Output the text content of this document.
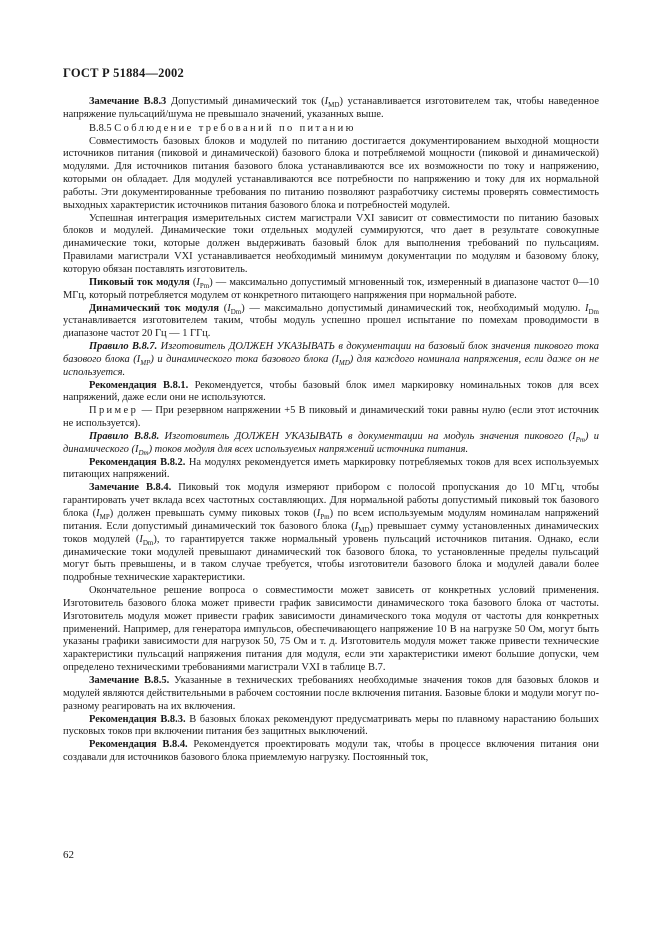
ГОСТ Р 51884—2002

Замечание В.8.3 Допустимый динамический ток $(I_{MD})$ устанавливается изготовителем так, чтобы наведенное напряжение пульсаций/шума не превышало значений, указанных выше.

В.8.5 Соблюдение требований по питанию

Совместимость базовых блоков и модулей по питанию достигается документированием выходной мощности источников питания (пиковой и динамической) базового блока и потребляемой мощности (пиковой и динамической) модулями. Для источников питания базового блока устанавливаются все их возможности по току и напряжению, которыми он обладает. Для модулей устанавливаются все потребности по напряжению и току для их нормальной работы. Эти документированные требования по питанию позволяют разработчику системы проверять совместимость выходных характеристик источников питания базового блока и потребностей модулей.

Успешная интеграция измерительных систем магистрали VXI зависит от совместимости по питанию базовых блоков и модулей. Динамические токи отдельных модулей суммируются, что дает в результате совокупные динамические токи, которые должен выдерживать базовый блок для выполнения требований по пульсациям. Правилами магистрали VXI устанавливается необходимый минимум документации по модулям и базовому блоку, которую обязан поставлять изготовитель.

Пиковый ток модуля $(I_{Pm})$ — максимально допустимый мгновенный ток, измеренный в диапазоне частот 0—10 МГц, который потребляется модулем от конкретного питающего напряжения при нормальной работе.

Динамический ток модуля $(I_{Dm})$ — максимально допустимый динамический ток, необходимый модулю. $I_{Dm}$ устанавливается изготовителем таким, чтобы модуль успешно прошел испытание по помехам проводимости в диапазоне частот 20 Гц — 1 ГГц.

Правило В.8.7. Изготовитель ДОЛЖЕН УКАЗЫВАТЬ в документации на базовый блок значения пикового тока базового блока $(I_{MP})$ и динамического тока базового блока $(I_{MD})$ для каждого номинала напряжения, если даже он не используется.

Рекомендация В.8.1. Рекомендуется, чтобы базовый блок имел маркировку номинальных токов для всех напряжений, даже если они не используются.

Пример — При резервном напряжении +5 В пиковый и динамический токи равны нулю (если этот источник не используется).

Правило В.8.8. Изготовитель ДОЛЖЕН УКАЗЫВАТЬ в документации на модуль значения пикового $(I_{Pm})$ и динамического $(I_{Dm})$ токов модуля для всех используемых напряжений источника питания.

Рекомендация В.8.2. На модулях рекомендуется иметь маркировку потребляемых токов для всех используемых питающих напряжений.

Замечание В.8.4. Пиковый ток модуля измеряют прибором с полосой пропускания до 10 МГц, чтобы гарантировать учет вклада всех частотных составляющих. Для нормальной работы допустимый пиковый ток базового блока $(I_{MP})$ должен превышать сумму пиковых токов $(I_{Pm})$ по всем используемым модулям номиналам напряжений питания. Если допустимый динамический ток базового блока $(I_{MD})$ превышает сумму установленных динамических токов модулей $(I_{Dm})$, то гарантируется также нормальный уровень пульсаций источников питания. Однако, если динамические токи модулей превышают динамический ток базового блока, то установленные пределы пульсаций могут быть превышены, и в таком случае требуется, чтобы изготовители базового блока и модулей давали более подробные технические характеристики.

Окончательное решение вопроса о совместимости может зависеть от конкретных условий применения. Изготовитель базового блока может привести график зависимости динамического тока базового блока от частоты. Изготовитель модуля может привести график зависимости динамического тока модуля от частоты для конкретных применений. Например, для генератора импульсов, обеспечивающего напряжение 10 В на нагрузке 50 Ом, могут быть указаны графики зависимости для нагрузок 50, 75 Ом и т. д. Изготовитель модуля может также привести технические характеристики пульсаций напряжения питания для модуля, если эти характеристики имеют большие допуски, чем определено техническими требованиями магистрали VXI в таблице В.7.

Замечание В.8.5. Указанные в технических требованиях необходимые значения токов для базовых блоков и модулей являются действительными в рабочем состоянии после включения питания. Базовые блоки и модули могут по-разному реагировать на их включения.

Рекомендация В.8.3. В базовых блоках рекомендуют предусматривать меры по плавному нарастанию больших пусковых токов при включении питания без защитных выключений.

Рекомендация В.8.4. Рекомендуется проектировать модули так, чтобы в процессе включения питания они создавали для источников базового блока приемлемую нагрузку. Постоянный ток,

62
